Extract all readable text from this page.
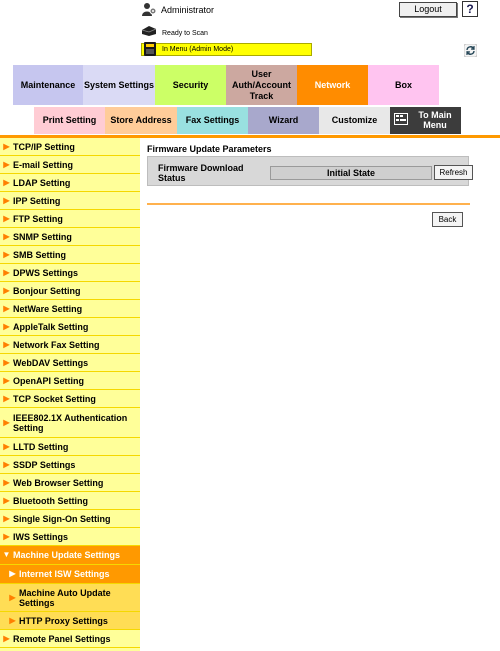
Administrator	Logout	?
Ready to Scan
In Menu (Admin Mode)
Maintenance System Settings	Security
User Auth/Account Track
Network	Box
Print Setting	Store Address	Fax Settings	Wizard	Customize	To Main Menu
▶ TCP/IP Setting
▶ E-mail Setting
▶ LDAP Setting
▶ IPP Setting
▶ FTP Setting
▶ SNMP Setting
▶ SMB Setting
▶ DPWS Settings
▶ Bonjour Setting
▶ NetWare Setting
▶ AppleTalk Setting
▶ Network Fax Setting
▶ WebDAV Settings
▶ OpenAPI Setting
▶ TCP Socket Setting
▶ IEEE802.1X Authentication Setting
▶ LLTD Setting
▶ SSDP Settings
▶ Web Browser Setting
▶ Bluetooth Setting
▶ Single Sign-On Setting
▶ IWS Settings
▼ Machine Update Settings
▶ Internet ISW Settings
▶ Machine Auto Update Settings
▶ HTTP Proxy Settings
▶ Remote Panel Settings
Firmware Update Parameters
Firmware Download Status	Initial State	Refresh
Back
